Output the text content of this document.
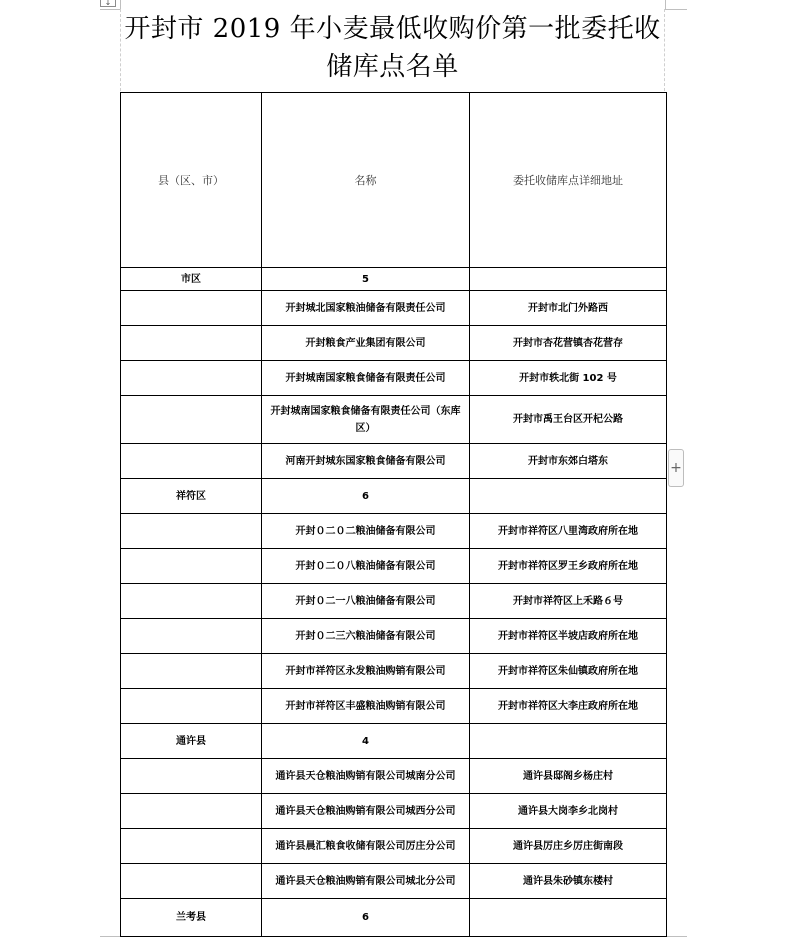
↓
+
开封市 2019 年小麦最低收购价第一批委托收储库点名单
县（区、市）	名称	委托收储库点详细地址
市区	5	
	开封城北国家粮油储备有限责任公司	开封市北门外路西
	开封粮食产业集团有限公司	开封市杏花营镇杏花营存
	开封城南国家粮食储备有限责任公司	开封市轶北街 102 号
	开封城南国家粮食储备有限责任公司（东库区）	开封市禹王台区开杞公路
	河南开封城东国家粮食储备有限公司	开封市东郊白塔东
祥符区	6	
	开封０二０二粮油储备有限公司	开封市祥符区八里湾政府所在地
	开封０二０八粮油储备有限公司	开封市祥符区罗王乡政府所在地
	开封０二一八粮油储备有限公司	开封市祥符区上禾路６号
	开封０二三六粮油储备有限公司	开封市祥符区半坡店政府所在地
	开封市祥符区永发粮油购销有限公司	开封市祥符区朱仙镇政府所在地
	开封市祥符区丰盛粮油购销有限公司	开封市祥符区大李庄政府所在地
通许县	4	
	通许县天仓粮油购销有限公司城南分公司	通许县邸阁乡杨庄村
	通许县天仓粮油购销有限公司城西分公司	通许县大岗李乡北岗村
	通许县晨汇粮食收储有限公司厉庄分公司	通许县厉庄乡厉庄街南段
	通许县天仓粮油购销有限公司城北分公司	通许县朱砂镇东楼村
兰考县	6	
